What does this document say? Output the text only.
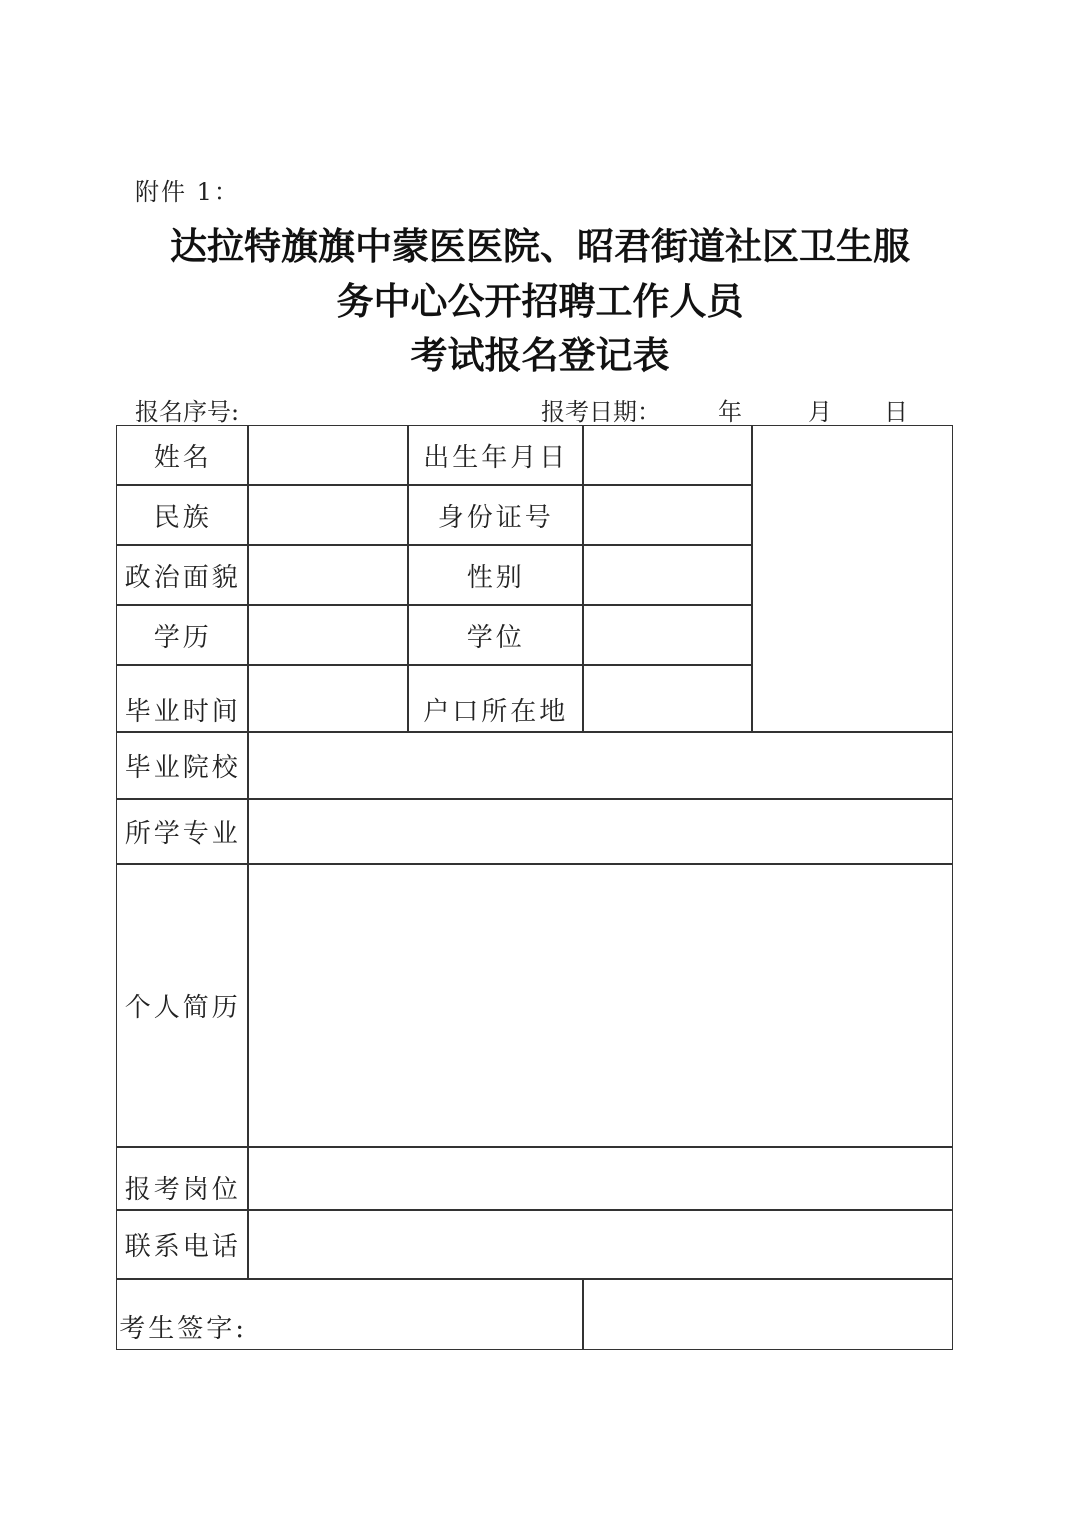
附件 1：
达拉特旗旗中蒙医医院、昭君街道社区卫生服
务中心公开招聘工作人员
考试报名登记表
报名序号:	报考日期： 年	月 日
姓名	出生年月日
民族	身份证号
政治面貌	性别
学历	学位
毕业时间	户口所在地
毕业院校
所学专业
个人简历
报考岗位
联系电话
考生签字:
